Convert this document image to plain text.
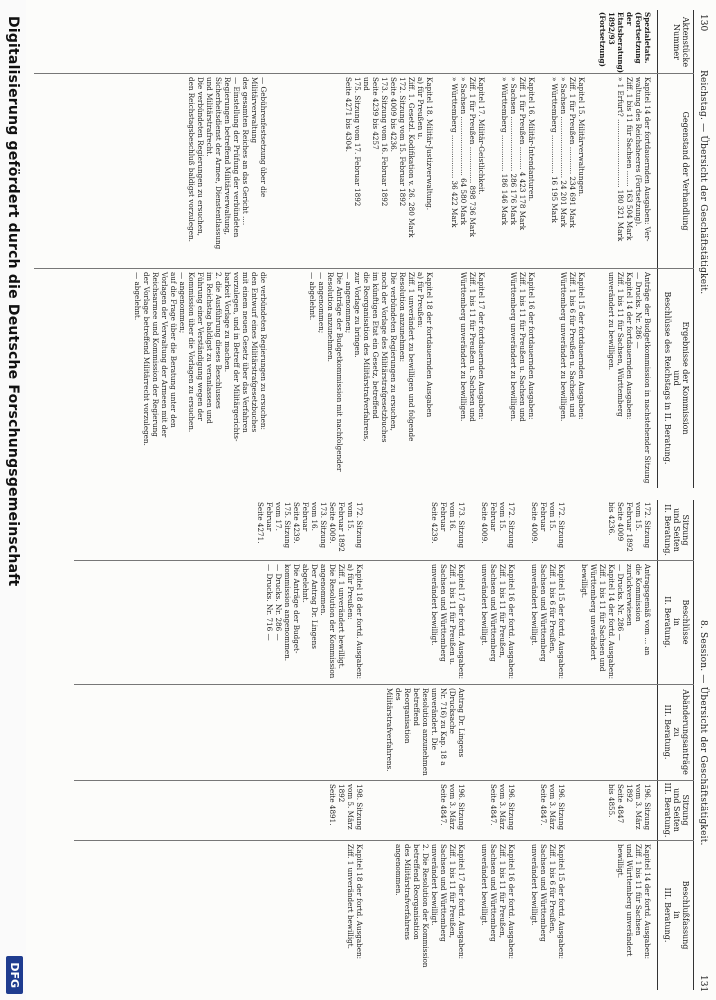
130
Reichstag. — Übersicht der Geschäftstätigkeit.
Aktenstücke
Nummer
Gegenstand der Verhandlung
Ergebnisse der Kommission
und
Beschlüsse des Reichstags in II. Beratung.
Spezialetats.
(Fortsetzung der
Etatsberatung)
1892/93
(Fortsetzung)
Kapitel 14 der fortdauernden Ausgaben: Ver-
waltung des Reichsheeres (Fortsetzung).
Ziff. 1 bis 11 für Sachsen ....... 163 504 Mark
» 1 Erfurt? .............................. 180 321 Mark
Anträge der Budgetkommission in nachstehender Sitzung
— Drucks. Nr. 286 —
Kapitel 14 der fortdauernden Ausgaben:
Ziff. 1 bis 11 für Sachsen, Württemberg
unverändert zu bewilligen.
Kapitel 15. Militärverwaltungen.
Ziff. 1 für Preußen ............ 234 691 Mark
» Sachsen ........................... 24 201 Mark
» Württemberg ................. 16 195 Mark
Kapitel 15 der fortdauernden Ausgaben:
Ziff. 1 bis 6 für Preußen u. Sachsen und
Württemberg unverändert zu bewilligen.
Kapitel 16. Militär-Intendanturen.
Ziff. 1 für Preußen .......... 4 423 178 Mark
» Sachsen ........................ 286 176 Mark
» Württemberg ................ 186 146 Mark
Kapitel 16 der fortdauernden Ausgaben:
Ziff. 1 bis 11 für Preußen u. Sachsen und
Württemberg unverändert zu bewilligen.
Kapitel 17. Militär-Geistlichkeit.
Ziff. 1 für Preußen ................ 898 736 Mark
» Sachsen .......................... 64 580 Mark
» Württemberg ................... 36 422 Mark
Kapitel 17 der fortdauernden Ausgaben:
Ziff. 1 bis 11 für Preußen u. Sachsen und
Württemberg unverändert zu bewilligen.
Kapitel 18. Militär-Justizverwaltung.
a) für Preußen u.
Ziff. 1. Gesetzl. Kodifikation v. 26. 280 Mark
172. Sitzung vom 15. Februar 1892
Seite 4009 bis 4236.
173. Sitzung vom 16. Februar 1892
Seite 4239 bis 4257
und
175. Sitzung vom 17. Februar 1892
Seite 4271 bis 4304.
Kapitel 18 der fortdauernden Ausgaben
a) für Preußen:
Ziff. 1 unverändert zu bewilligen und folgende
Resolution anzunehmen:
Die verbündeten Regierungen zu ersuchen,
noch der Vorlage des Militärstrafgesetzbuches
im künftigen Etat ein Gesetz, betreffend
die Reorganisation des Militärstrafverfahrens,
zur Vorlage zu bringen.
— angenommen;
Die Anträge der Budgetkommission mit nachfolgender
Resolution anzunehmen.
— angenommen;
— abgelehnt.
— Gebührenfestsetzung über die Militärverwaltung
des gesamten Reiches an das Gericht ....
— Einstellung der Prüfung der verbündeten
Regierungen betreffend Militärverwaltung,
Sicherheitsdienst der Armee, Dienstentlassung
und Militärstrafrecht.
Die verbündeten Regierungen zu ersuchen,
den Reichstagsbeschluß baldigst vorzulegen.
die verbündeten Regierungen zu ersuchen:
den Entwurf eines Militärstrafgesetzbuches
mit einem neuen Gesetz über das Verfahren
vorzulegen, und in Betreff der Militärgerichts-
barkeit Vorlage zu machen.
2. die Ausführung dieses Beschlusses
im Reichstag baldigst zu veranlassen und
Führung einer Verständigung wegen der
Kommission über die Vorlagen zu ersuchen.
— angenommen;
auf die Frage über die Beratung unter den
Vorlagen der Verwaltung der Armeen mit der
Reichsarmee und Kommission der Regierung
der Vorlage betreffend Militärrecht vorzulegen.
— abgelehnt.
8. Session. — Übersicht der Geschäftstätigkeit.
131
Sitzung
und Seiten
II. Beratung.
Beschlüsse
in
II. Beratung.
Abänderungsanträge
zu
III. Beratung.
Sitzung
und Seiten
III. Beratung.
Beschlußfassung
in
III. Beratung.
172. Sitzung
vom 15. Februar 1892
Seite 4009
bis 4236.
Antragsgemäß vom ... an
die Kommission zurückverwiesen
— Drucks. Nr. 286 —
Kapitel 14 der fortd. Ausgaben:
Ziff. 1 bis 11 für Sachsen und
Württemberg unverändert
bewilligt.
196. Sitzung
vom 3. März 1892
Seite 4847
bis 4855.
Kapitel 14 der fortd. Ausgaben:
Ziff. 1 bis 11 für Sachsen
und Württemberg unverändert
bewilligt.
172. Sitzung
vom 15. Februar
Seite 4009.
Kapitel 15 der fortd. Ausgaben:
Ziff. 1 bis 6 für Preußen,
Sachsen und Württemberg
unverändert bewilligt.
196. Sitzung
vom 3. März
Seite 4847.
Kapitel 15 der fortd. Ausgaben:
Ziff. 1 bis 6 für Preußen,
Sachsen und Württemberg
unverändert bewilligt.
172. Sitzung
vom 15. Februar
Seite 4009.
Kapitel 16 der fortd. Ausgaben:
Ziff. 1 bis 11 für Preußen,
Sachsen und Württemberg
unverändert bewilligt.
196. Sitzung
vom 3. März
Seite 4847.
Kapitel 16 der fortd. Ausgaben:
Ziff. 1 bis 11 für Preußen,
Sachsen und Württemberg
unverändert bewilligt.
173. Sitzung
vom 16. Februar
Seite 4239.
Kapitel 17 der fortd. Ausgaben:
Ziff. 1 bis 11 für Preußen u.
Sachsen und Württemberg
unverändert bewilligt.
Antrag Dr. Lingens (Drucksache
Nr. 716) zu Kap. 18 a
unverändert. Die
Resolution anzunehmen
betreffend Reorganisation
des Militärstrafverfahrens.
196. Sitzung
vom 3. März
Seite 4847.
Kapitel 17 der fortd. Ausgaben:
Ziff. 1 bis 11 für Preußen,
Sachsen und Württemberg
unverändert bewilligt.
2. Die Resolution der Kommission
betreffend Reorganisation
des Militärstrafverfahrens
angenommen.
172. Sitzung
vom 15. Februar 1892
Seite 4009.
173. Sitzung
vom 16. Februar
Seite 4239.
175. Sitzung
vom 17. Februar
Seite 4271.
Kapitel 18 der fortd. Ausgaben:
a) für Preußen:
Ziff. 1 unverändert bewilligt.
Die Resolution der Kommission
angenommen.
Der Antrag Dr. Lingens
abgelehnt.
Die Anträge der Budget-
kommission angenommen.
— Drucks. Nr. 286 —
— Drucks. Nr. 716 —
198. Sitzung
vom 5. März 1892
Seite 4891.
Kapitel 18 der fortd. Ausgaben:
Ziff. 1 unverändert bewilligt.
Digitalisierung gefördert durch die Deutsche Forschungsgemeinschaft
DFG
